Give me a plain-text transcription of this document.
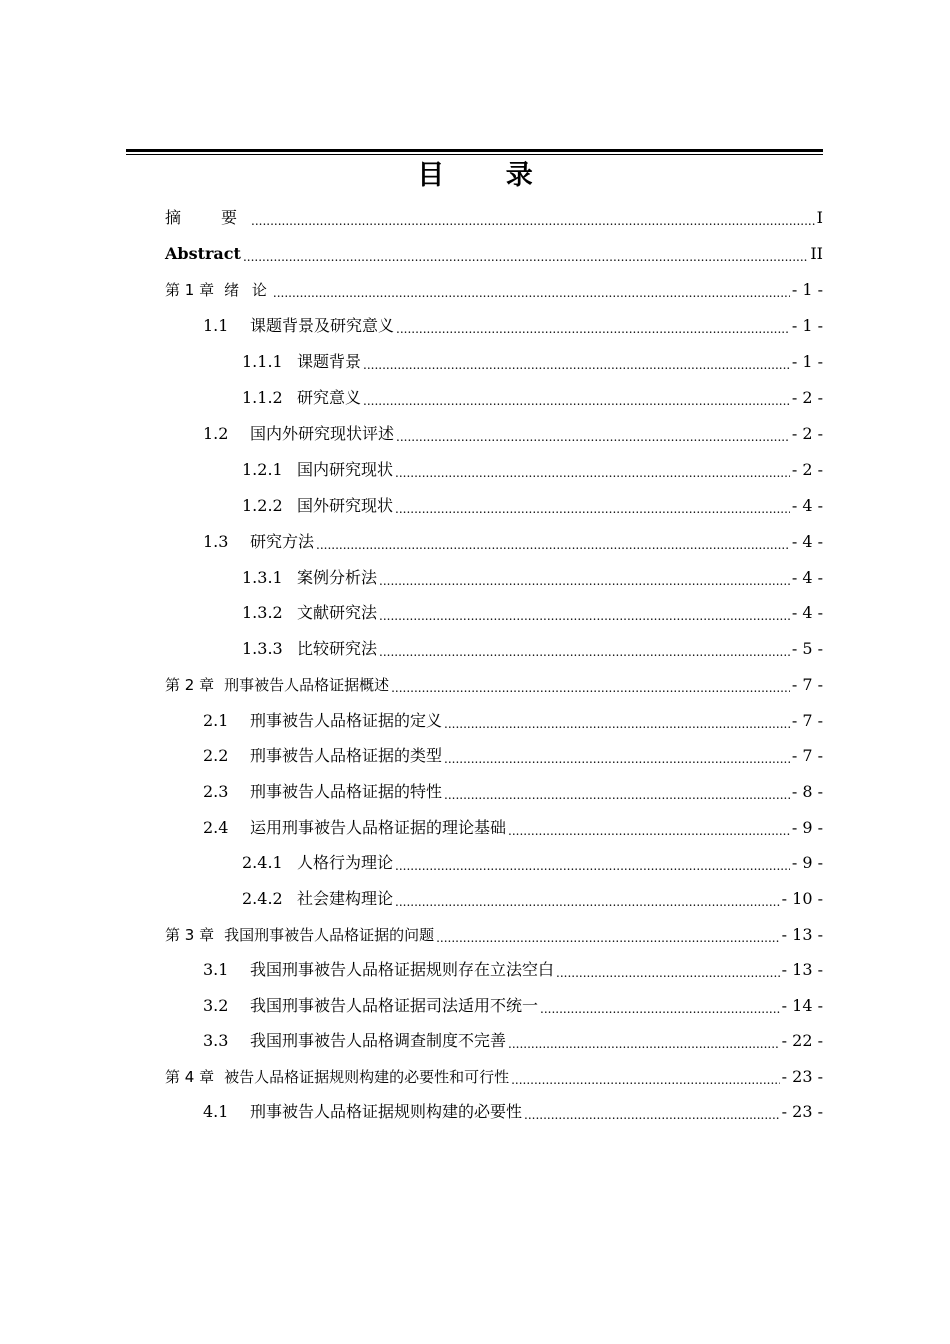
目 录
摘　要 .....	I
Abstract .....	II
第 1 章 绪 论 .....	- 1 -
1.1	课题背景及研究意义 .....	- 1 -
1.1.1 课题背景 .....	- 1 -
1.1.2 研究意义 .....	- 2 -
1.2	国内外研究现状评述 .....	- 2 -
1.2.1 国内研究现状 .....	- 2 -
1.2.2 国外研究现状 .....	- 4 -
1.3	研究方法 .....	- 4 -
1.3.1 案例分析法 .....	- 4 -
1.3.2 文献研究法 .....	- 4 -
1.3.3 比较研究法 .....	- 5 -
第 2 章 刑事被告人品格证据概述 .....	- 7 -
2.1	刑事被告人品格证据的定义 .....	- 7 -
2.2	刑事被告人品格证据的类型 .....	- 7 -
2.3	刑事被告人品格证据的特性 .....	- 8 -
2.4	运用刑事被告人品格证据的理论基础 .....	- 9 -
2.4.1 人格行为理论 .....	- 9 -
2.4.2 社会建构理论 .....	- 10 -
第 3 章 我国刑事被告人品格证据的问题 .....	- 13 -
3.1	我国刑事被告人品格证据规则存在立法空白 .....	- 13 -
3.2	我国刑事被告人品格证据司法适用不统一 .....	- 14 -
3.3	我国刑事被告人品格调查制度不完善 .....	- 22 -
第 4 章 被告人品格证据规则构建的必要性和可行性 .....	- 23 -
4.1	刑事被告人品格证据规则构建的必要性 .....	- 23 -
